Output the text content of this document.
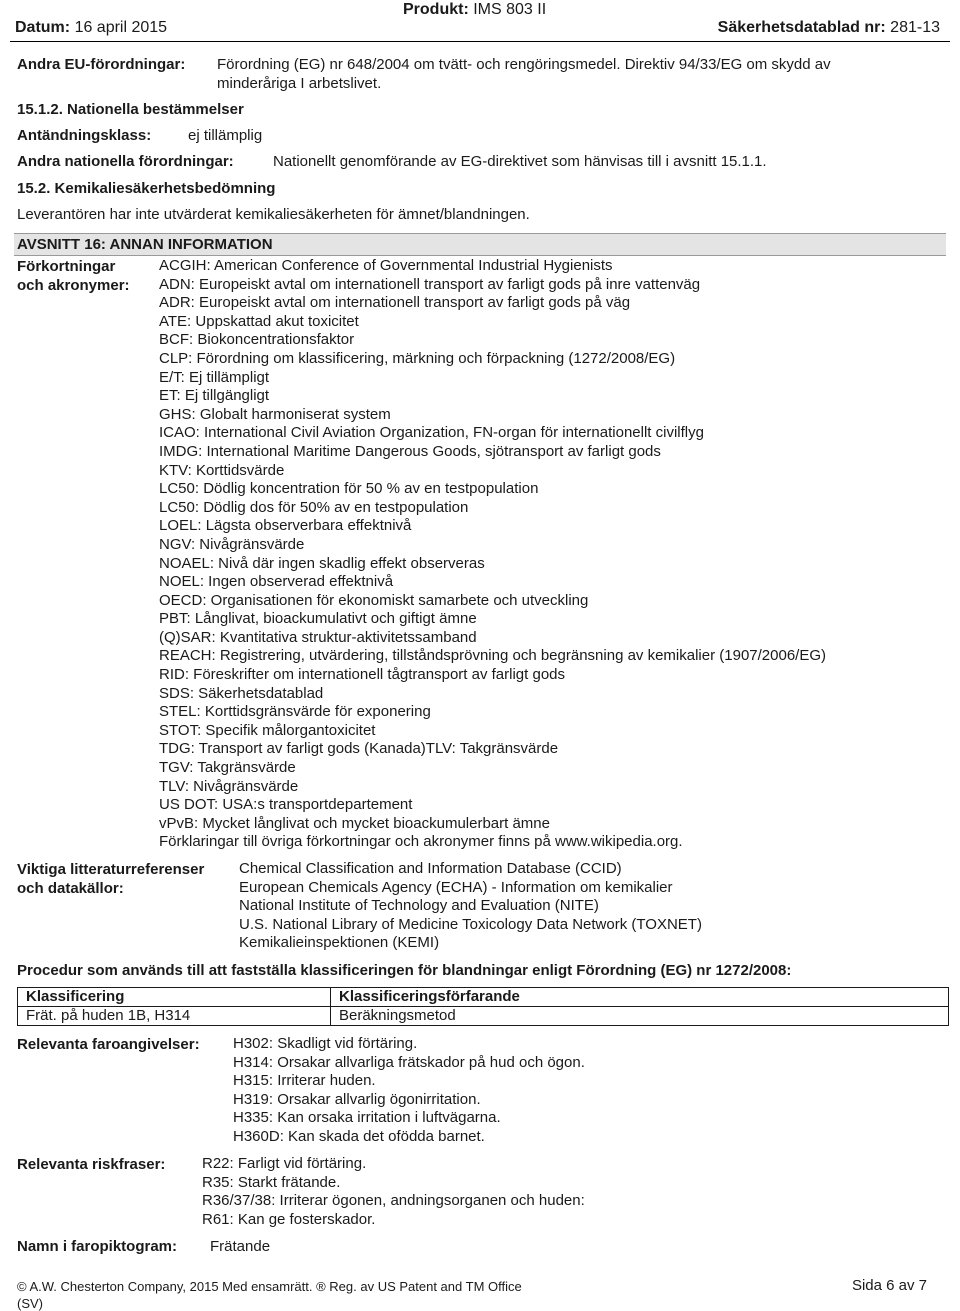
Datum: 16 april 2015
Produkt: IMS 803 II
Säkerhetsdatablad nr: 281-13
Andra EU-förordningar: Förordning (EG) nr 648/2004 om tvätt- och rengöringsmedel. Direktiv 94/33/EG om skydd av
minderåriga I arbetslivet.
15.1.2. Nationella bestämmelser
Antändningsklass: ej tillämplig
Andra nationella förordningar:	Nationellt genomförande av EG-direktivet som hänvisas till i avsnitt 15.1.1.
15.2. Kemikaliesäkerhetsbedömning
Leverantören har inte utvärderat kemikaliesäkerheten för ämnet/blandningen.
AVSNITT 16: ANNAN INFORMATION
Förkortningar
och akronymer:
ACGIH: American Conference of Governmental Industrial Hygienists
ADN: Europeiskt avtal om internationell transport av farligt gods på inre vattenväg
ADR: Europeiskt avtal om internationell transport av farligt gods på väg
ATE: Uppskattad akut toxicitet
BCF: Biokoncentrationsfaktor
CLP: Förordning om klassificering, märkning och förpackning (1272/2008/EG)
E/T: Ej tillämpligt
ET: Ej tillgängligt
GHS: Globalt harmoniserat system
ICAO: International Civil Aviation Organization, FN-organ för internationellt civilflyg
IMDG: International Maritime Dangerous Goods, sjötransport av farligt gods
KTV: Korttidsvärde
LC50: Dödlig koncentration för 50 % av en testpopulation
LC50: Dödlig dos för 50% av en testpopulation
LOEL: Lägsta observerbara effektnivå
NGV: Nivågränsvärde
NOAEL: Nivå där ingen skadlig effekt observeras
NOEL: Ingen observerad effektnivå
OECD: Organisationen för ekonomiskt samarbete och utveckling
PBT: Långlivat, bioackumulativt och giftigt ämne
(Q)SAR: Kvantitativa struktur-aktivitetssamband
REACH: Registrering, utvärdering, tillståndsprövning och begränsning av kemikalier (1907/2006/EG)
RID: Föreskrifter om internationell tågtransport av farligt gods
SDS: Säkerhetsdatablad
STEL: Korttidsgränsvärde för exponering
STOT: Specifik målorgantoxicitet
TDG: Transport av farligt gods (Kanada)TLV: Takgränsvärde
TGV: Takgränsvärde
TLV: Nivågränsvärde
US DOT: USA:s transportdepartement
vPvB: Mycket långlivat och mycket bioackumulerbart ämne
Förklaringar till övriga förkortningar och akronymer finns på www.wikipedia.org.
Viktiga litteraturreferenser
och datakällor:
Chemical Classification and Information Database (CCID)
European Chemicals Agency (ECHA) - Information om kemikalier
National Institute of Technology and Evaluation (NITE)
U.S. National Library of Medicine Toxicology Data Network (TOXNET)
Kemikalieinspektionen (KEMI)
Procedur som används till att fastställa klassificeringen för blandningar enligt Förordning (EG) nr 1272/2008:
Klassificering	Klassificeringsförfarande
Frät. på huden 1B, H314	Beräkningsmetod
Relevanta faroangivelser: H302: Skadligt vid förtäring.
H314: Orsakar allvarliga frätskador på hud och ögon.
H315: Irriterar huden.
H319: Orsakar allvarlig ögonirritation.
H335: Kan orsaka irritation i luftvägarna.
H360D: Kan skada det ofödda barnet.
Relevanta riskfraser: R22: Farligt vid förtäring.
R35: Starkt frätande.
R36/37/38: Irriterar ögonen, andningsorganen och huden:
R61: Kan ge fosterskador.
Namn i faropiktogram: Frätande
© A.W. Chesterton Company, 2015 Med ensamrätt. ® Reg. av US Patent and TM Office
(SV)
Sida 6 av 7
